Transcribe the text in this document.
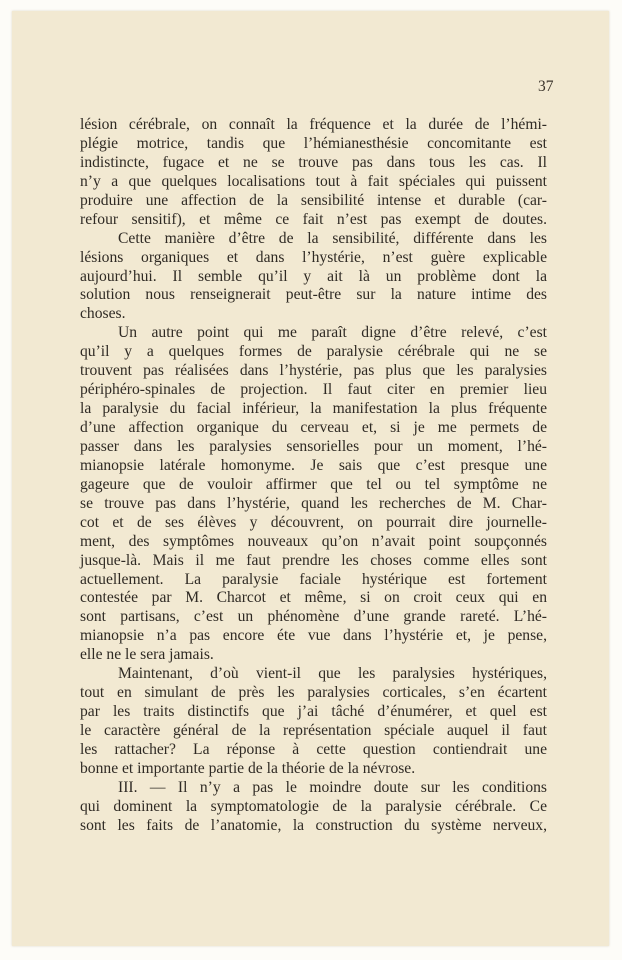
37
lésion cérébrale, on connaît la fréquence et la durée de l’hémi-
plégie motrice, tandis que l’hémianesthésie concomitante est
indistincte, fugace et ne se trouve pas dans tous les cas. Il
n’y a que quelques localisations tout à fait spéciales qui puissent
produire une affection de la sensibilité intense et durable (car-
refour sensitif), et même ce fait n’est pas exempt de doutes.
Cette manière d’être de la sensibilité, différente dans les
lésions organiques et dans l’hystérie, n’est guère explicable
aujourd’hui. Il semble qu’il y ait là un problème dont la
solution nous renseignerait peut-être sur la nature intime des
choses.
Un autre point qui me paraît digne d’être relevé, c’est
qu’il y a quelques formes de paralysie cérébrale qui ne se
trouvent pas réalisées dans l’hystérie, pas plus que les paralysies
périphéro-spinales de projection. Il faut citer en premier lieu
la paralysie du facial inférieur, la manifestation la plus fréquente
d’une affection organique du cerveau et, si je me permets de
passer dans les paralysies sensorielles pour un moment, l’hé-
mianopsie latérale homonyme. Je sais que c’est presque une
gageure que de vouloir affirmer que tel ou tel symptôme ne
se trouve pas dans l’hystérie, quand les recherches de M. Char-
cot et de ses élèves y découvrent, on pourrait dire journelle-
ment, des symptômes nouveaux qu’on n’avait point soupçonnés
jusque-là. Mais il me faut prendre les choses comme elles sont
actuellement. La paralysie faciale hystérique est fortement
contestée par M. Charcot et même, si on croit ceux qui en
sont partisans, c’est un phénomène d’une grande rareté. L’hé-
mianopsie n’a pas encore éte vue dans l’hystérie et, je pense,
elle ne le sera jamais.
Maintenant, d’où vient-il que les paralysies hystériques,
tout en simulant de près les paralysies corticales, s’en écartent
par les traits distinctifs que j’ai tâché d’énumérer, et quel est
le caractère général de la représentation spéciale auquel il faut
les rattacher? La réponse à cette question contiendrait une
bonne et importante partie de la théorie de la névrose.
III. — Il n’y a pas le moindre doute sur les conditions
qui dominent la symptomatologie de la paralysie cérébrale. Ce
sont les faits de l’anatomie, la construction du système nerveux,
